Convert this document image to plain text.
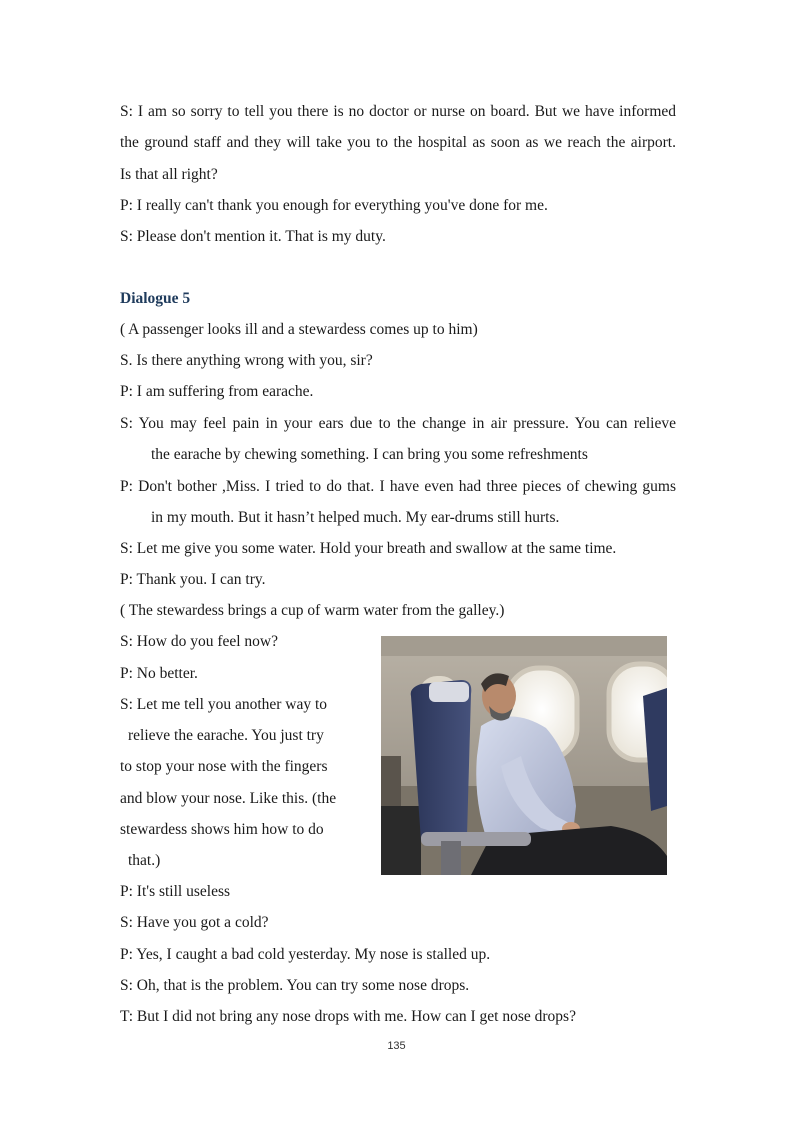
S: I am so sorry to tell you there is no doctor or nurse on board. But we have informed
the ground staff and they will take you to the hospital as soon as we reach the airport.
Is that all right?
P: I really can't thank you enough for everything you've done for me.
S: Please don't mention it. That is my duty.
Dialogue 5
( A passenger looks ill and a stewardess comes up to him)
S. Is there anything wrong with you, sir?
P: I am suffering from earache.
S: You may feel pain in your ears due to the change in air pressure. You can relieve
the earache by chewing something. I can bring you some refreshments
P: Don't bother ,Miss. I tried to do that. I have even had three pieces of chewing gums
in my mouth. But it hasn’t helped much. My ear-drums still hurts.
S: Let me give you some water. Hold your breath and swallow at the same time.
P: Thank you. I can try.
( The stewardess brings a cup of warm water from the galley.)
S: How do you feel now?
P: No better.
S: Let me tell you another way to
relieve the earache. You just try
to stop your nose with the fingers
and blow your nose. Like this. (the
stewardess shows him how to do
that.)
P: It's still useless
S: Have you got a cold?
P: Yes, I caught a bad cold yesterday. My nose is stalled up.
S: Oh, that is the problem. You can try some nose drops.
T: But I did not bring any nose drops with me. How can I get nose drops?
135
